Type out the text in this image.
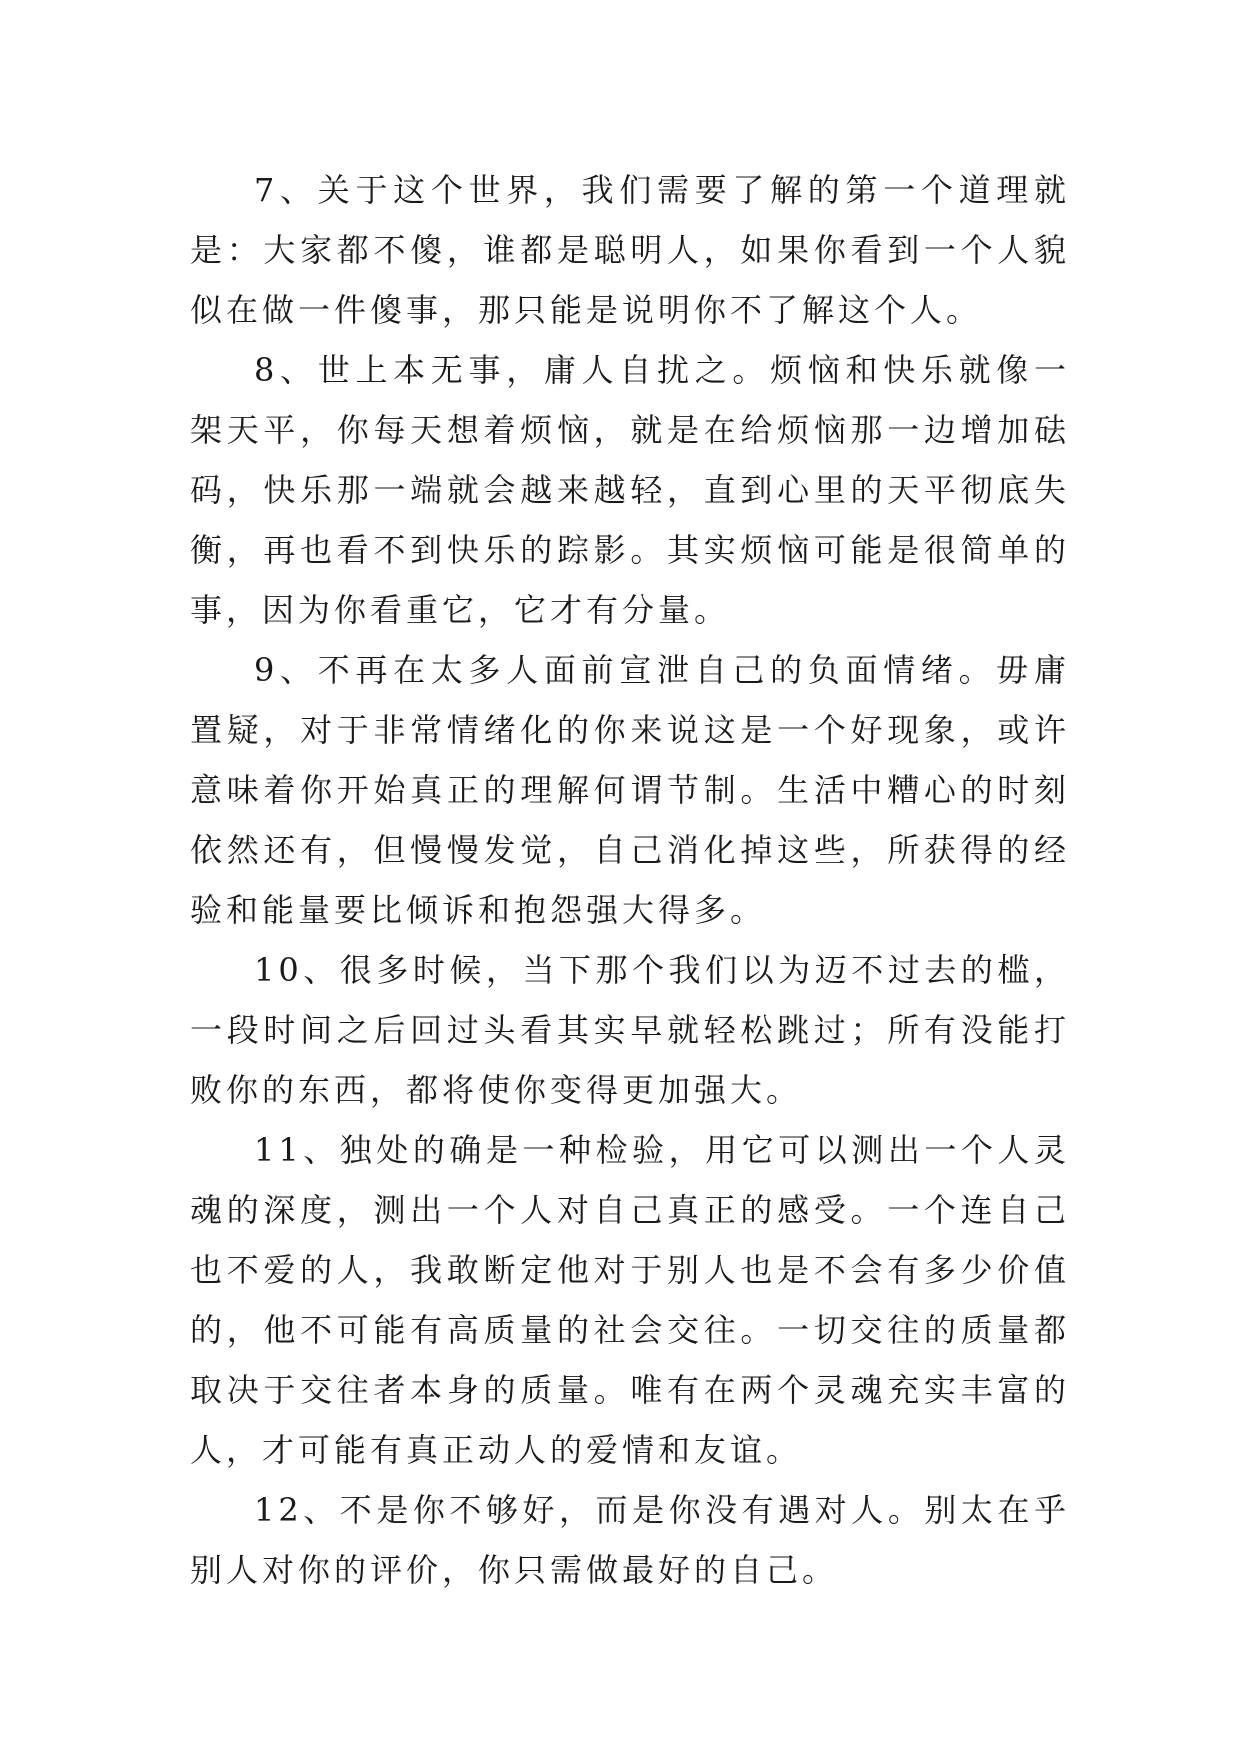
7、关于这个世界，我们需要了解的第一个道理就是：大家都不傻，谁都是聪明人，如果你看到一个人貌似在做一件傻事，那只能是说明你不了解这个人。

8、世上本无事，庸人自扰之。烦恼和快乐就像一架天平，你每天想着烦恼，就是在给烦恼那一边增加砝码，快乐那一端就会越来越轻，直到心里的天平彻底失衡，再也看不到快乐的踪影。其实烦恼可能是很简单的事，因为你看重它，它才有分量。

9、不再在太多人面前宣泄自己的负面情绪。毋庸置疑，对于非常情绪化的你来说这是一个好现象，或许意味着你开始真正的理解何谓节制。生活中糟心的时刻依然还有，但慢慢发觉，自己消化掉这些，所获得的经验和能量要比倾诉和抱怨强大得多。

10、很多时候，当下那个我们以为迈不过去的槛，一段时间之后回过头看其实早就轻松跳过；所有没能打败你的东西，都将使你变得更加强大。

11、独处的确是一种检验，用它可以测出一个人灵魂的深度，测出一个人对自己真正的感受。一个连自己也不爱的人，我敢断定他对于别人也是不会有多少价值的，他不可能有高质量的社会交往。一切交往的质量都取决于交往者本身的质量。唯有在两个灵魂充实丰富的人，才可能有真正动人的爱情和友谊。

12、不是你不够好，而是你没有遇对人。别太在乎别人对你的评价，你只需做最好的自己。
